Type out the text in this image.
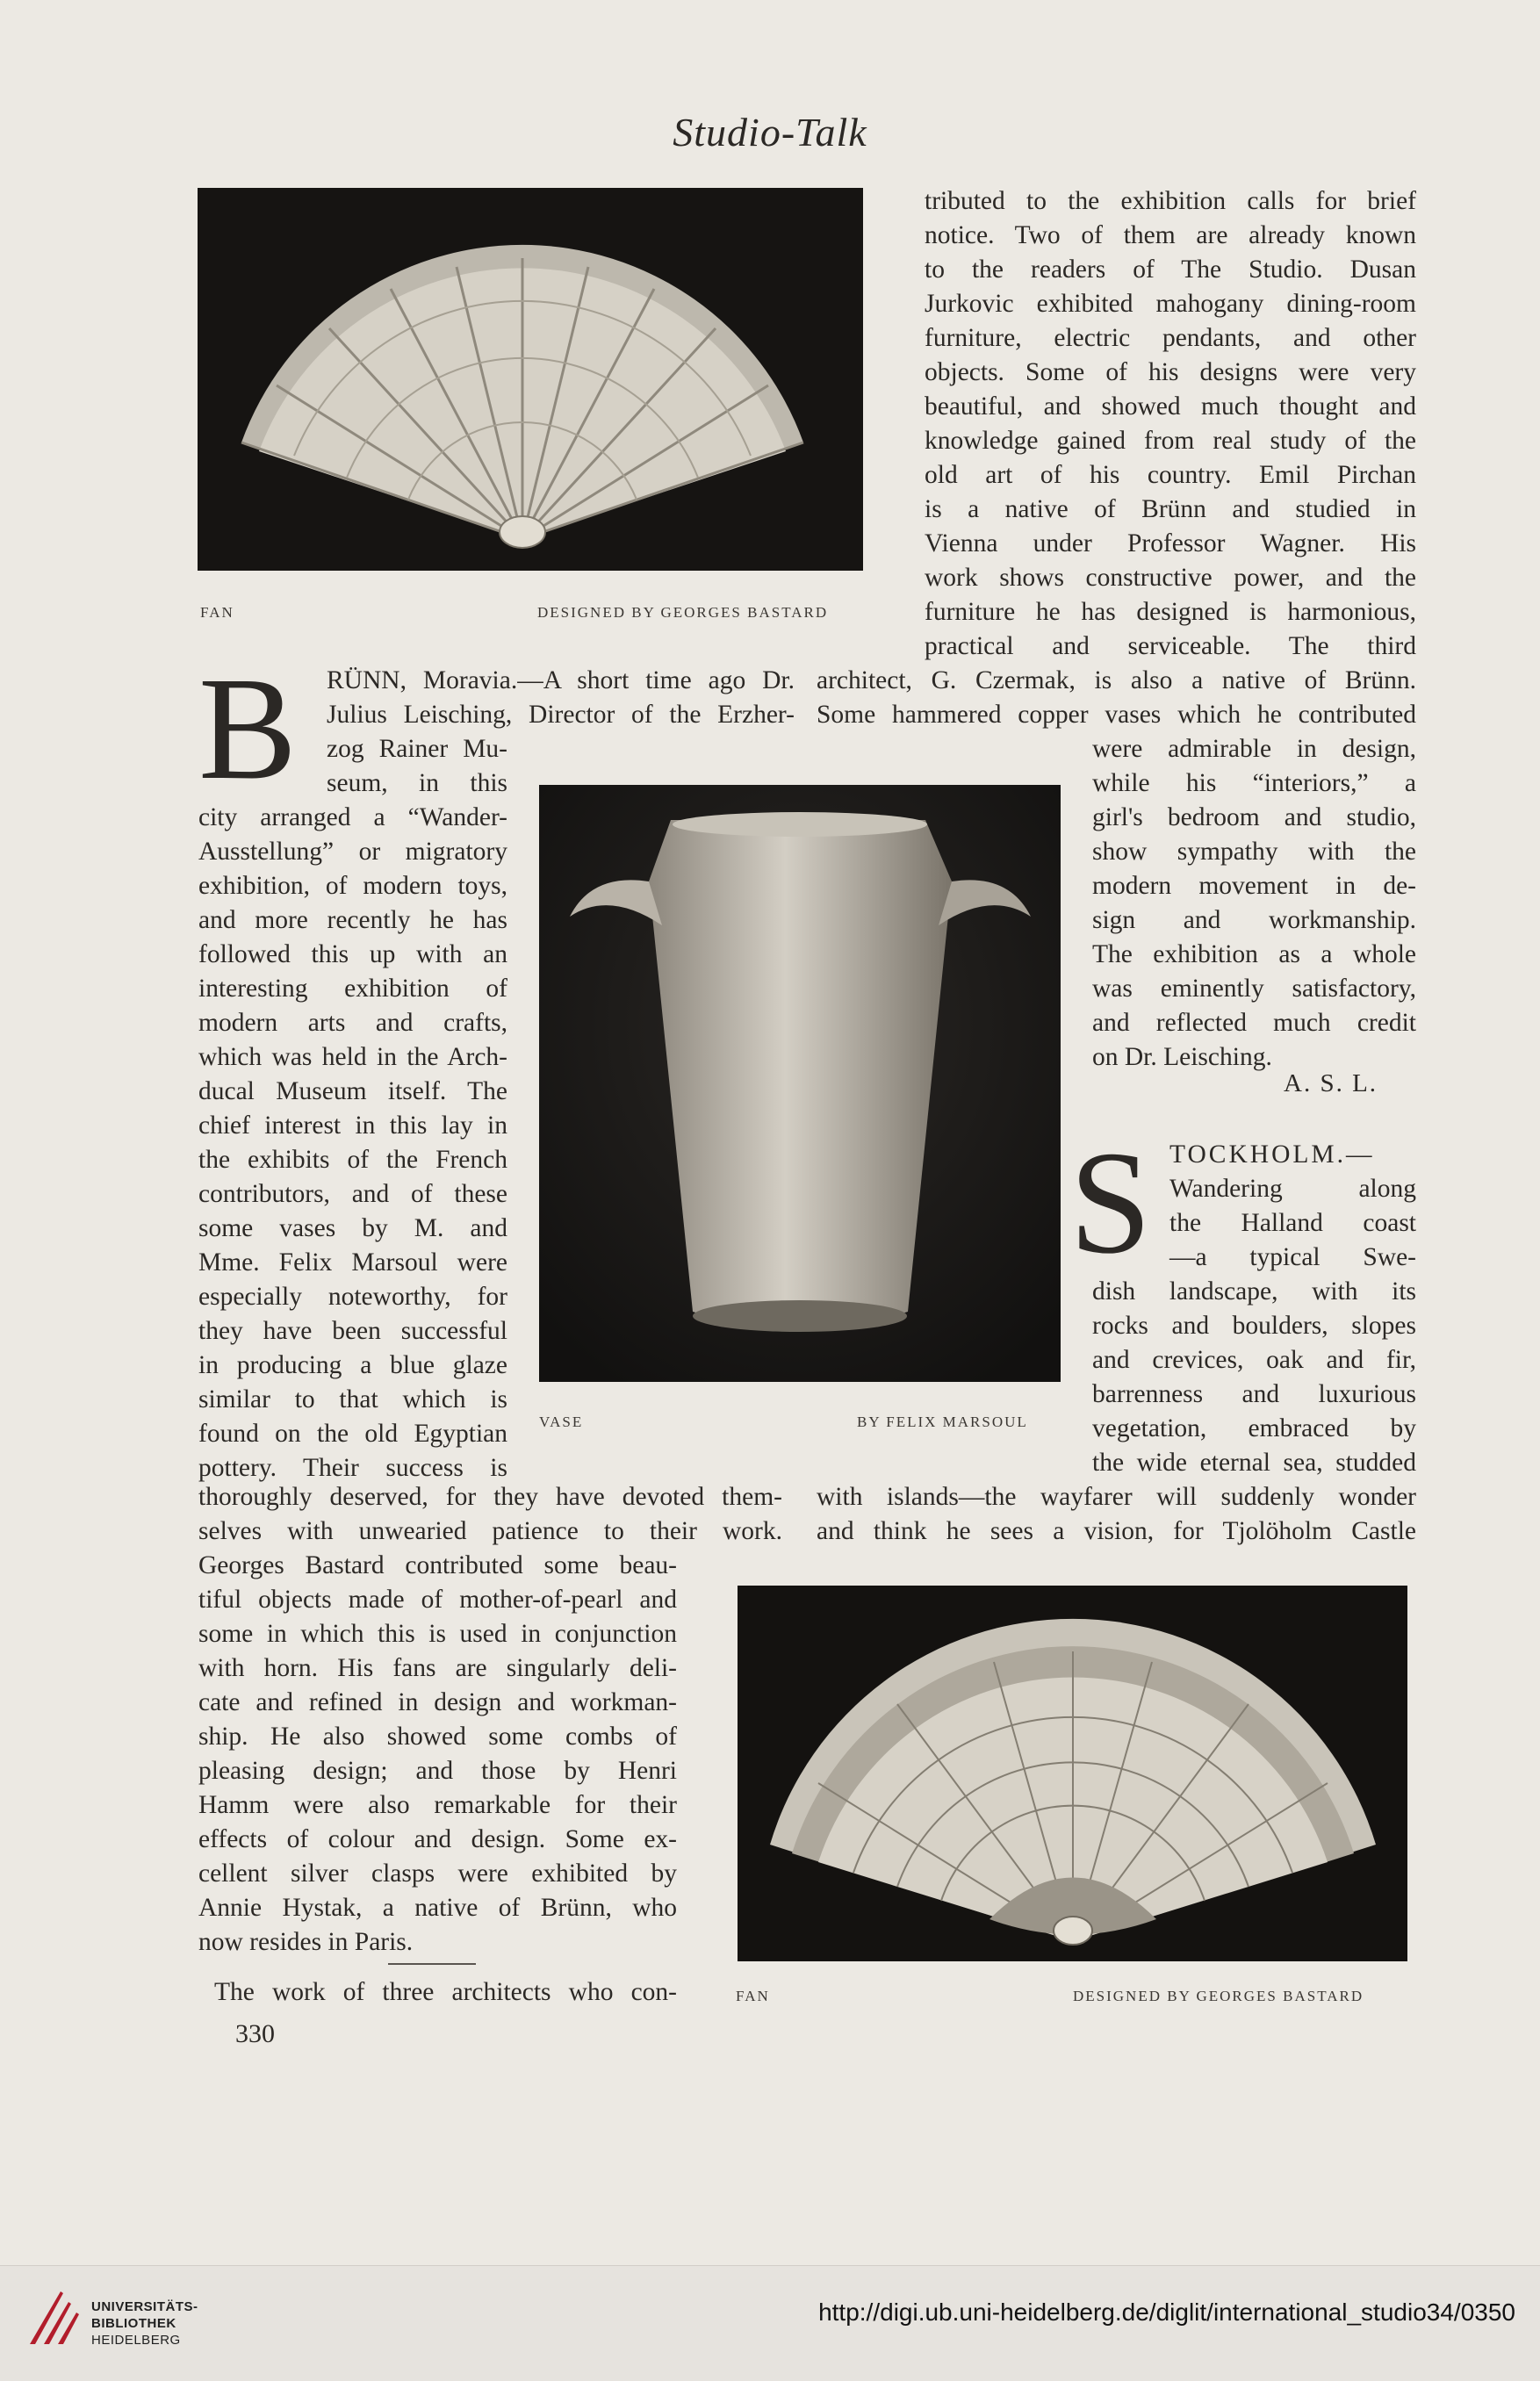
Studio-Talk
FAN	DESIGNED BY GEORGES BASTARD
tributed to the exhibition calls for brief
notice. Two of them are already known
to the readers of The Studio. Dusan
Jurkovic exhibited mahogany dining-room
furniture, electric pendants, and other
objects. Some of his designs were very
beautiful, and showed much thought and
knowledge gained from real study of the
old art of his country. Emil Pirchan
is a native of Brünn and studied in
Vienna under Professor Wagner. His
work shows constructive power, and the
furniture he has designed is harmonious,
practical and serviceable. The third
architect, G. Czermak, is also a native of Brünn.
Some hammered copper vases which he contributed
B RÜNN, Moravia.—A short time ago Dr.
Julius Leisching, Director of the Erzher-
zog Rainer Mu-
seum, in this
city arranged a “Wander-
Ausstellung” or migratory
exhibition, of modern toys,
and more recently he has
followed this up with an
interesting exhibition of
modern arts and crafts,
which was held in the Arch-
ducal Museum itself. The
chief interest in this lay in
the exhibits of the French
contributors, and of these
some vases by M. and
Mme. Felix Marsoul were
especially noteworthy, for
they have been successful
in producing a blue glaze
similar to that which is
found on the old Egyptian
pottery. Their success is
VASE	BY FELIX MARSOUL
were admirable in design,
while his “interiors,” a
girl's bedroom and studio,
show sympathy with the
modern movement in de-
sign and workmanship.
The exhibition as a whole
was eminently satisfactory,
and reflected much credit
on Dr. Leisching.
A. S. L.
S TOCKHOLM.—
Wandering along
the Halland coast
—a typical Swe-
dish landscape, with its
rocks and boulders, slopes
and crevices, oak and fir,
barrenness and luxurious
vegetation, embraced by
the wide eternal sea, studded
thoroughly deserved, for they have devoted them-
selves with unwearied patience to their work.
with islands—the wayfarer will suddenly wonder
and think he sees a vision, for Tjolöholm Castle
Georges Bastard contributed some beau-
tiful objects made of mother-of-pearl and
some in which this is used in conjunction
with horn. His fans are singularly deli-
cate and refined in design and workman-
ship. He also showed some combs of
pleasing design; and those by Henri
Hamm were also remarkable for their
effects of colour and design. Some ex-
cellent silver clasps were exhibited by
Annie Hystak, a native of Brünn, who
now resides in Paris.
The work of three architects who con-
330
FAN	DESIGNED BY GEORGES BASTARD
UNIVERSITÄTS-
BIBLIOTHEK
HEIDELBERG
http://digi.ub.uni-heidelberg.de/diglit/international_studio34/0350
